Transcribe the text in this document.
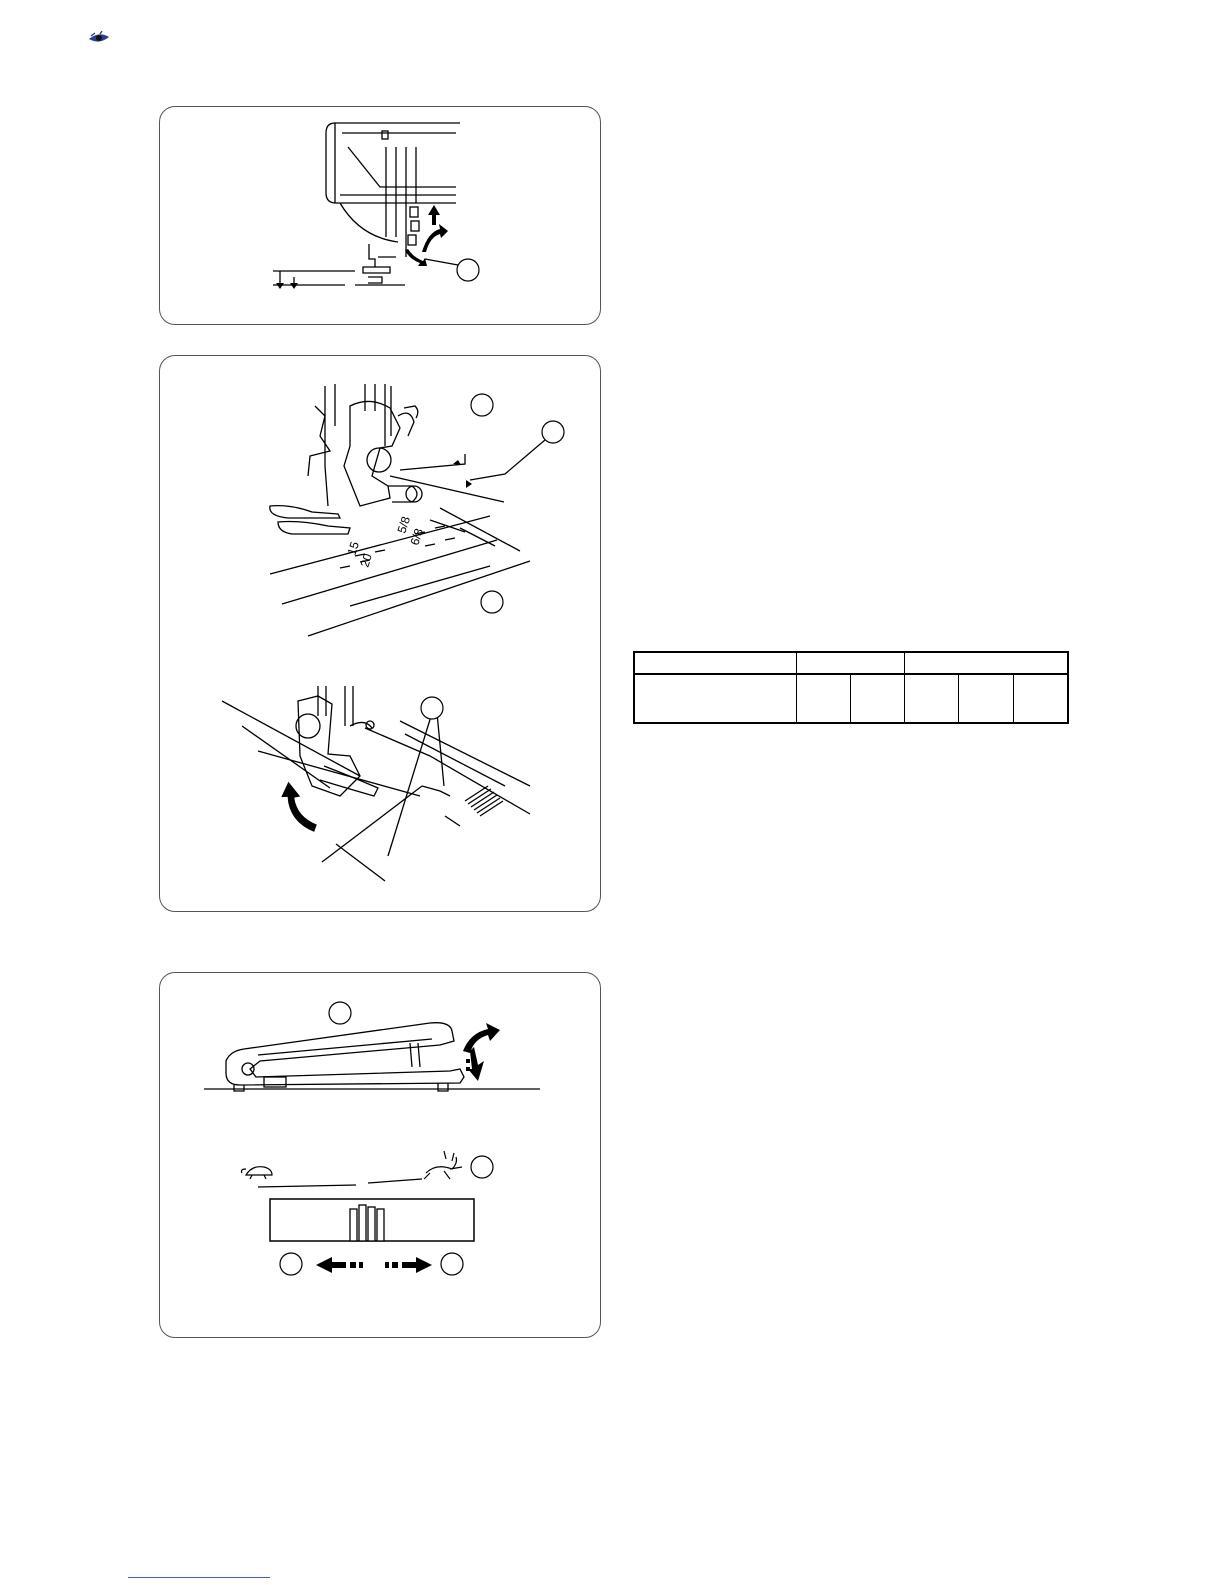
5/8
6/8
15
20
